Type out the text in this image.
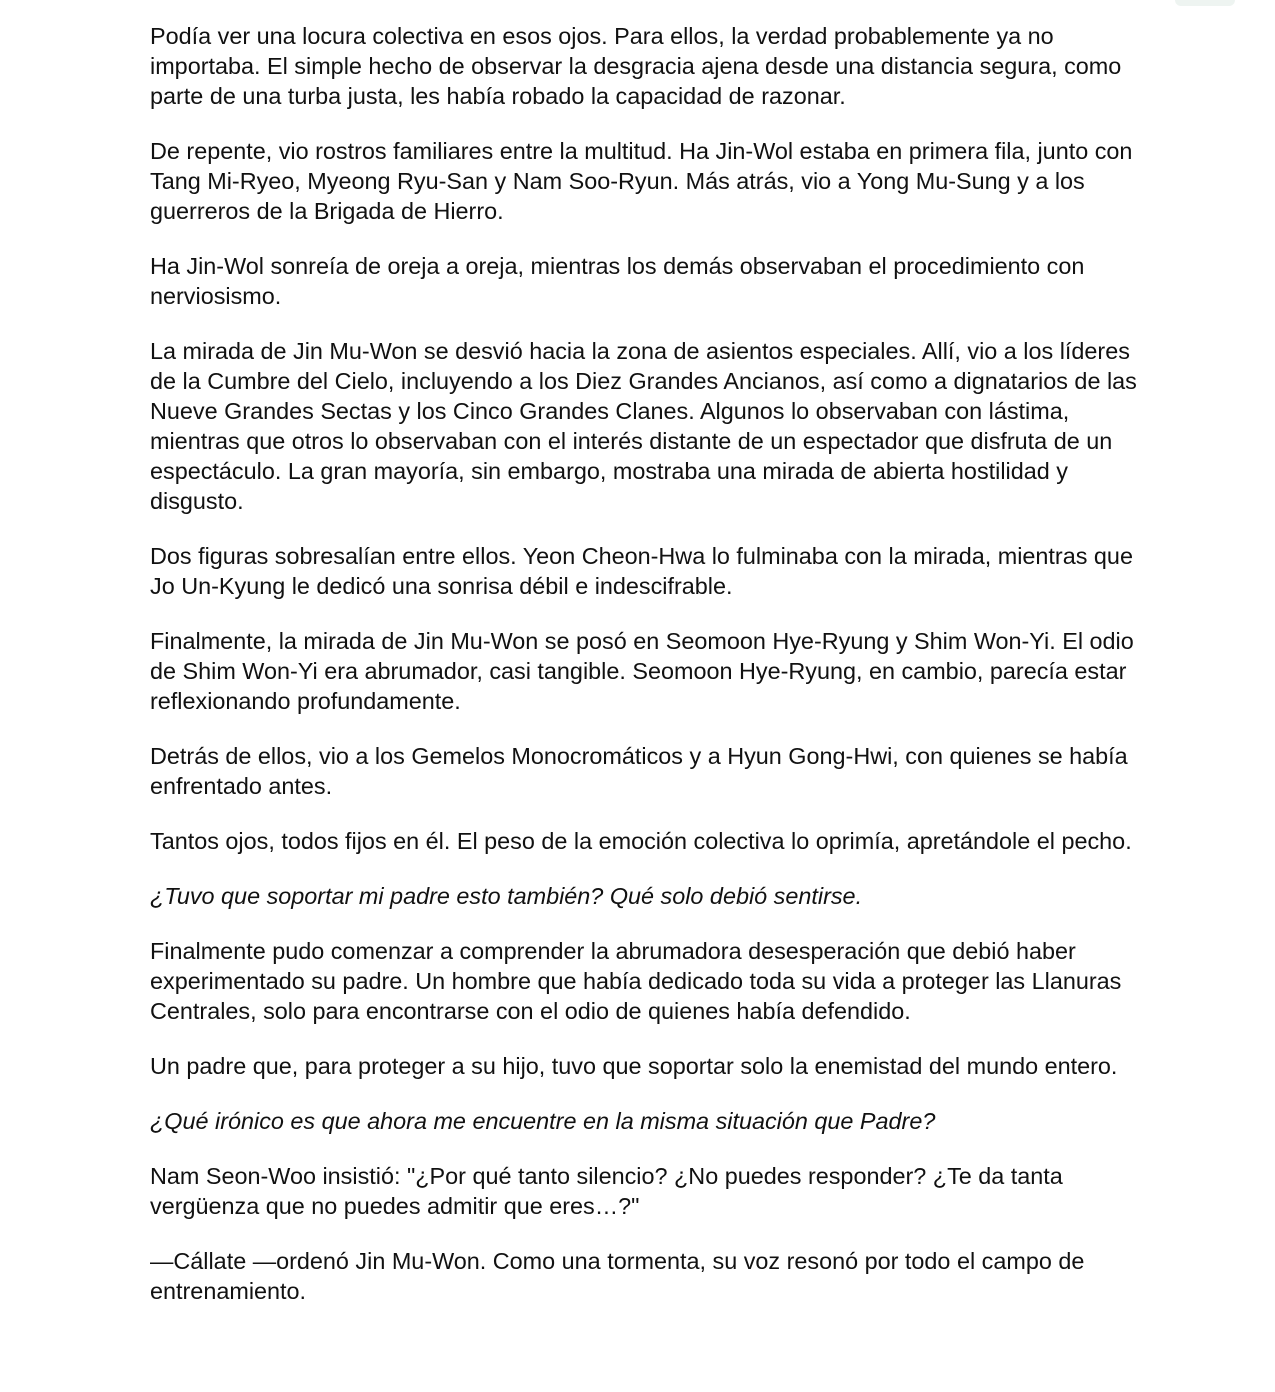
Podía ver una locura colectiva en esos ojos. Para ellos, la verdad probablemente ya no importaba. El simple hecho de observar la desgracia ajena desde una distancia segura, como parte de una turba justa, les había robado la capacidad de razonar.

De repente, vio rostros familiares entre la multitud. Ha Jin-Wol estaba en primera fila, junto con Tang Mi-Ryeo, Myeong Ryu-San y Nam Soo-Ryun. Más atrás, vio a Yong Mu-Sung y a los guerreros de la Brigada de Hierro.

Ha Jin-Wol sonreía de oreja a oreja, mientras los demás observaban el procedimiento con nerviosismo.

La mirada de Jin Mu-Won se desvió hacia la zona de asientos especiales. Allí, vio a los líderes de la Cumbre del Cielo, incluyendo a los Diez Grandes Ancianos, así como a dignatarios de las Nueve Grandes Sectas y los Cinco Grandes Clanes. Algunos lo observaban con lástima, mientras que otros lo observaban con el interés distante de un espectador que disfruta de un espectáculo. La gran mayoría, sin embargo, mostraba una mirada de abierta hostilidad y disgusto.

Dos figuras sobresalían entre ellos. Yeon Cheon-Hwa lo fulminaba con la mirada, mientras que Jo Un-Kyung le dedicó una sonrisa débil e indescifrable.

Finalmente, la mirada de Jin Mu-Won se posó en Seomoon Hye-Ryung y Shim Won-Yi. El odio de Shim Won-Yi era abrumador, casi tangible. Seomoon Hye-Ryung, en cambio, parecía estar reflexionando profundamente.

Detrás de ellos, vio a los Gemelos Monocromáticos y a Hyun Gong-Hwi, con quienes se había enfrentado antes.

Tantos ojos, todos fijos en él. El peso de la emoción colectiva lo oprimía, apretándole el pecho.

¿Tuvo que soportar mi padre esto también? Qué solo debió sentirse.

Finalmente pudo comenzar a comprender la abrumadora desesperación que debió haber experimentado su padre. Un hombre que había dedicado toda su vida a proteger las Llanuras Centrales, solo para encontrarse con el odio de quienes había defendido.

Un padre que, para proteger a su hijo, tuvo que soportar solo la enemistad del mundo entero.

¿Qué irónico es que ahora me encuentre en la misma situación que Padre?

Nam Seon-Woo insistió: "¿Por qué tanto silencio? ¿No puedes responder? ¿Te da tanta vergüenza que no puedes admitir que eres…?"

—Cállate —ordenó Jin Mu-Won. Como una tormenta, su voz resonó por todo el campo de entrenamiento.
